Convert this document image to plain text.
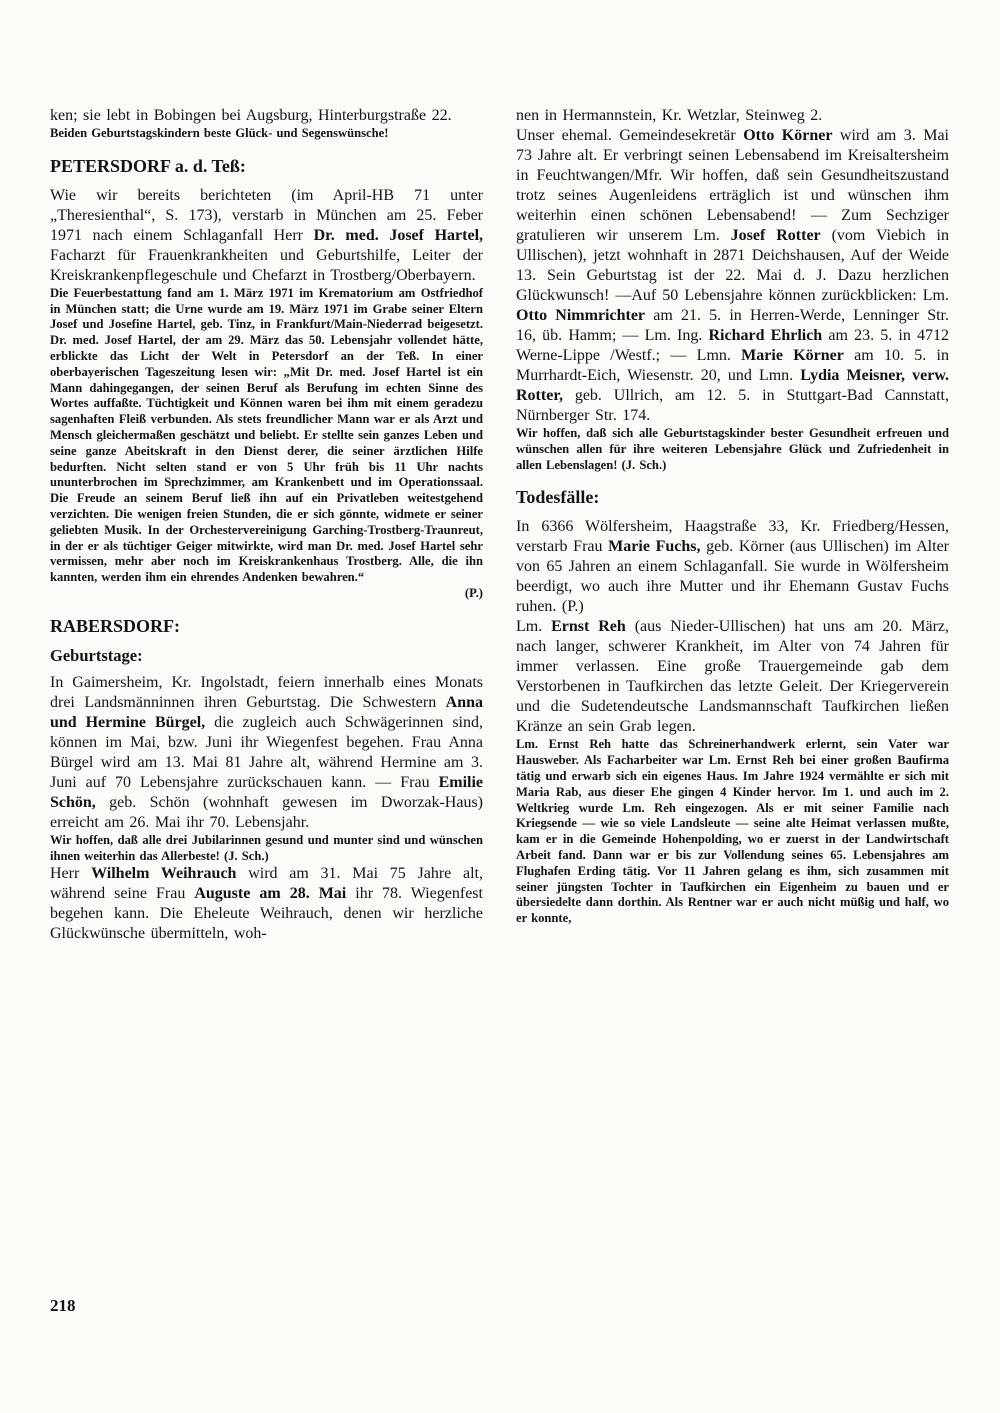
ken; sie lebt in Bobingen bei Augsburg, Hinterburgstraße 22.

Beiden Geburtstagskindern beste Glück- und Segenswünsche!

PETERSDORF a. d. Teß:

Wie wir bereits berichteten (im April-HB 71 unter „Theresienthal“, S. 173), verstarb in München am 25. Feber 1971 nach einem Schlaganfall Herr Dr. med. Josef Hartel, Facharzt für Frauenkrankheiten und Geburtshilfe, Leiter der Kreiskrankenpflegeschule und Chefarzt in Trostberg/Oberbayern.

Die Feuerbestattung fand am 1. März 1971 im Krematorium am Ostfriedhof in München statt; die Urne wurde am 19. März 1971 im Grabe seiner Eltern Josef und Josefine Hartel, geb. Tinz, in Frankfurt/Main-Niederrad beigesetzt. Dr. med. Josef Hartel, der am 29. März das 50. Lebensjahr vollendet hätte, erblickte das Licht der Welt in Petersdorf an der Teß. In einer oberbayerischen Tageszeitung lesen wir: „Mit Dr. med. Josef Hartel ist ein Mann dahingegangen, der seinen Beruf als Berufung im echten Sinne des Wortes auffaßte. Tüchtigkeit und Können waren bei ihm mit einem geradezu sagenhaften Fleiß verbunden. Als stets freundlicher Mann war er als Arzt und Mensch gleichermaßen geschätzt und beliebt. Er stellte sein ganzes Leben und seine ganze Abeitskraft in den Dienst derer, die seiner ärztlichen Hilfe bedurften. Nicht selten stand er von 5 Uhr früh bis 11 Uhr nachts ununterbrochen im Sprechzimmer, am Krankenbett und im Operationssaal. Die Freude an seinem Beruf ließ ihn auf ein Privatleben weitestgehend verzichten. Die wenigen freien Stunden, die er sich gönnte, widmete er seiner geliebten Musik. In der Orchestervereinigung Garching-Trostberg-Traunreut, in der er als tüchtiger Geiger mitwirkte, wird man Dr. med. Josef Hartel sehr vermissen, mehr aber noch im Kreiskrankenhaus Trostberg. Alle, die ihn kannten, werden ihm ein ehrendes Andenken bewahren.“

(P.)

RABERSDORF:
Geburtstage:

In Gaimersheim, Kr. Ingolstadt, feiern innerhalb eines Monats drei Landsmänninnen ihren Geburtstag. Die Schwestern Anna und Hermine Bürgel, die zugleich auch Schwägerinnen sind, können im Mai, bzw. Juni ihr Wiegenfest begehen. Frau Anna Bürgel wird am 13. Mai 81 Jahre alt, während Hermine am 3. Juni auf 70 Lebensjahre zurückschauen kann. — Frau Emilie Schön, geb. Schön (wohnhaft gewesen im Dworzak-Haus) erreicht am 26. Mai ihr 70. Lebensjahr.

Wir hoffen, daß alle drei Jubilarinnen gesund und munter sind und wünschen ihnen weiterhin das Allerbeste! (J. Sch.)

Herr Wilhelm Weihrauch wird am 31. Mai 75 Jahre alt, während seine Frau Auguste am 28. Mai ihr 78. Wiegenfest begehen kann. Die Eheleute Weihrauch, denen wir herzliche Glückwünsche übermitteln, woh-

nen in Hermannstein, Kr. Wetzlar, Steinweg 2.

Unser ehemal. Gemeindesekretär Otto Körner wird am 3. Mai 73 Jahre alt. Er verbringt seinen Lebensabend im Kreisaltersheim in Feuchtwangen/Mfr. Wir hoffen, daß sein Gesundheitszustand trotz seines Augenleidens erträglich ist und wünschen ihm weiterhin einen schönen Lebensabend! — Zum Sechziger gratulieren wir unserem Lm. Josef Rotter (vom Viebich in Ullischen), jetzt wohnhaft in 2871 Deichshausen, Auf der Weide 13. Sein Geburtstag ist der 22. Mai d. J. Dazu herzlichen Glückwunsch! —Auf 50 Lebensjahre können zurückblicken: Lm. Otto Nimmrichter am 21. 5. in Herren-Werde, Lenninger Str. 16, üb. Hamm; — Lm. Ing. Richard Ehrlich am 23. 5. in 4712 Werne-Lippe /Westf.; — Lmn. Marie Körner am 10. 5. in Murrhardt-Eich, Wiesenstr. 20, und Lmn. Lydia Meisner, verw. Rotter, geb. Ullrich, am 12. 5. in Stuttgart-Bad Cannstatt, Nürnberger Str. 174.

Wir hoffen, daß sich alle Geburtstagskinder bester Gesundheit erfreuen und wünschen allen für ihre weiteren Lebensjahre Glück und Zufriedenheit in allen Lebenslagen! (J. Sch.)

Todesfälle:

In 6366 Wölfersheim, Haagstraße 33, Kr. Friedberg/Hessen, verstarb Frau Marie Fuchs, geb. Körner (aus Ullischen) im Alter von 65 Jahren an einem Schlaganfall. Sie wurde in Wölfersheim beerdigt, wo auch ihre Mutter und ihr Ehemann Gustav Fuchs ruhen. (P.)

Lm. Ernst Reh (aus Nieder-Ullischen) hat uns am 20. März, nach langer, schwerer Krankheit, im Alter von 74 Jahren für immer verlassen. Eine große Trauergemeinde gab dem Verstorbenen in Taufkirchen das letzte Geleit. Der Kriegerverein und die Sudetendeutsche Landsmannschaft Taufkirchen ließen Kränze an sein Grab legen.

Lm. Ernst Reh hatte das Schreinerhandwerk erlernt, sein Vater war Hausweber. Als Facharbeiter war Lm. Ernst Reh bei einer großen Baufirma tätig und erwarb sich ein eigenes Haus. Im Jahre 1924 vermählte er sich mit Maria Rab, aus dieser Ehe gingen 4 Kinder hervor. Im 1. und auch im 2. Weltkrieg wurde Lm. Reh eingezogen. Als er mit seiner Familie nach Kriegsende — wie so viele Landsleute — seine alte Heimat verlassen mußte, kam er in die Gemeinde Hohenpolding, wo er zuerst in der Landwirtschaft Arbeit fand. Dann war er bis zur Vollendung seines 65. Lebensjahres am Flughafen Erding tätig. Vor 11 Jahren gelang es ihm, sich zusammen mit seiner jüngsten Tochter in Taufkirchen ein Eigenheim zu bauen und er übersiedelte dann dorthin. Als Rentner war er auch nicht müßig und half, wo er konnte,

218
